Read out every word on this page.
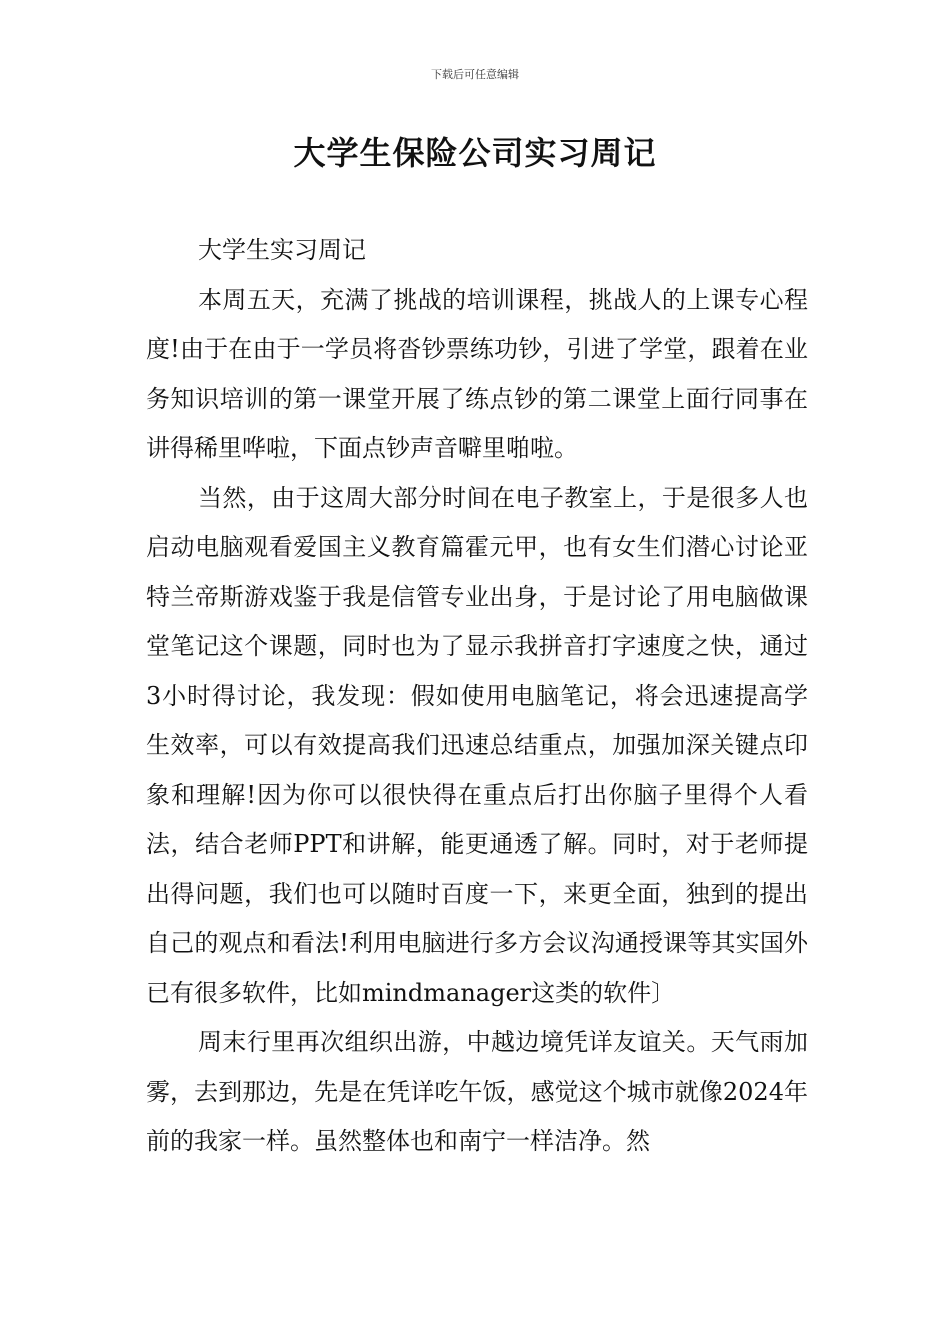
下载后可任意编辑
大学生保险公司实习周记

大学生实习周记

本周五天，充满了挑战的培训课程，挑战人的上课专心程度!由于在由于一学员将沓钞票练功钞，引进了学堂，跟着在业务知识培训的第一课堂开展了练点钞的第二课堂上面行同事在讲得稀里哗啦，下面点钞声音噼里啪啦。

当然，由于这周大部分时间在电子教室上，于是很多人也启动电脑观看爱国主义教育篇霍元甲，也有女生们潜心讨论亚特兰帝斯游戏鉴于我是信管专业出身，于是讨论了用电脑做课堂笔记这个课题，同时也为了显示我拼音打字速度之快，通过3小时得讨论，我发现：假如使用电脑笔记，将会迅速提高学生效率，可以有效提高我们迅速总结重点，加强加深关键点印象和理解!因为你可以很快得在重点后打出你脑子里得个人看法，结合老师PPT和讲解，能更通透了解。同时，对于老师提出得问题，我们也可以随时百度一下，来更全面，独到的提出自己的观点和看法!利用电脑进行多方会议沟通授课等其实国外已有很多软件，比如mindmanager这类的软件〕

周末行里再次组织出游，中越边境凭详友谊关。天气雨加雾，去到那边，先是在凭详吃午饭，感觉这个城市就像2024年前的我家一样。虽然整体也和南宁一样洁净。然
